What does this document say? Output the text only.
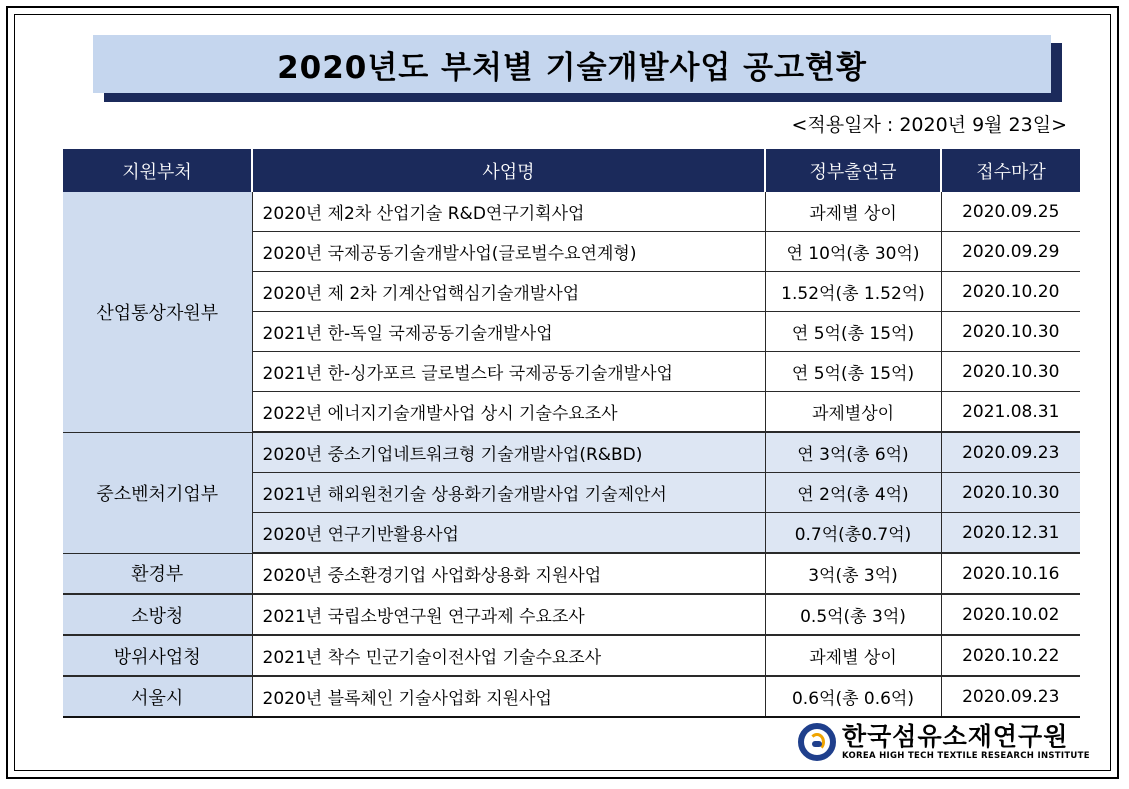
2020년도 부처별 기술개발사업 공고현황
<적용일자 : 2020년 9월 23일>
지원부처	사업명	정부출연금	접수마감
산업통상자원부	2020년 제2차 산업기술 R&D연구기획사업	과제별 상이	2020.09.25
	2020년 국제공동기술개발사업(글로벌수요연계형)	연 10억(총 30억)	2020.09.29
	2020년 제 2차 기계산업핵심기술개발사업	1.52억(총 1.52억)	2020.10.20
	2021년 한-독일 국제공동기술개발사업	연 5억(총 15억)	2020.10.30
	2021년 한-싱가포르 글로벌스타 국제공동기술개발사업	연 5억(총 15억)	2020.10.30
	2022년 에너지기술개발사업 상시 기술수요조사	과제별상이	2021.08.31
중소벤처기업부	2020년 중소기업네트워크형 기술개발사업(R&BD)	연 3억(총 6억)	2020.09.23
	2021년 해외원천기술 상용화기술개발사업 기술제안서	연 2억(총 4억)	2020.10.30
	2020년 연구기반활용사업	0.7억(총0.7억)	2020.12.31
환경부	2020년 중소환경기업 사업화상용화 지원사업	3억(총 3억)	2020.10.16
소방청	2021년 국립소방연구원 연구과제 수요조사	0.5억(총 3억)	2020.10.02
방위사업청	2021년 착수 민군기술이전사업 기술수요조사	과제별 상이	2020.10.22
서울시	2020년 블록체인 기술사업화 지원사업	0.6억(총 0.6억)	2020.09.23
한국섬유소재연구원
KOREA HIGH TECH TEXTILE RESEARCH INSTITUTE
